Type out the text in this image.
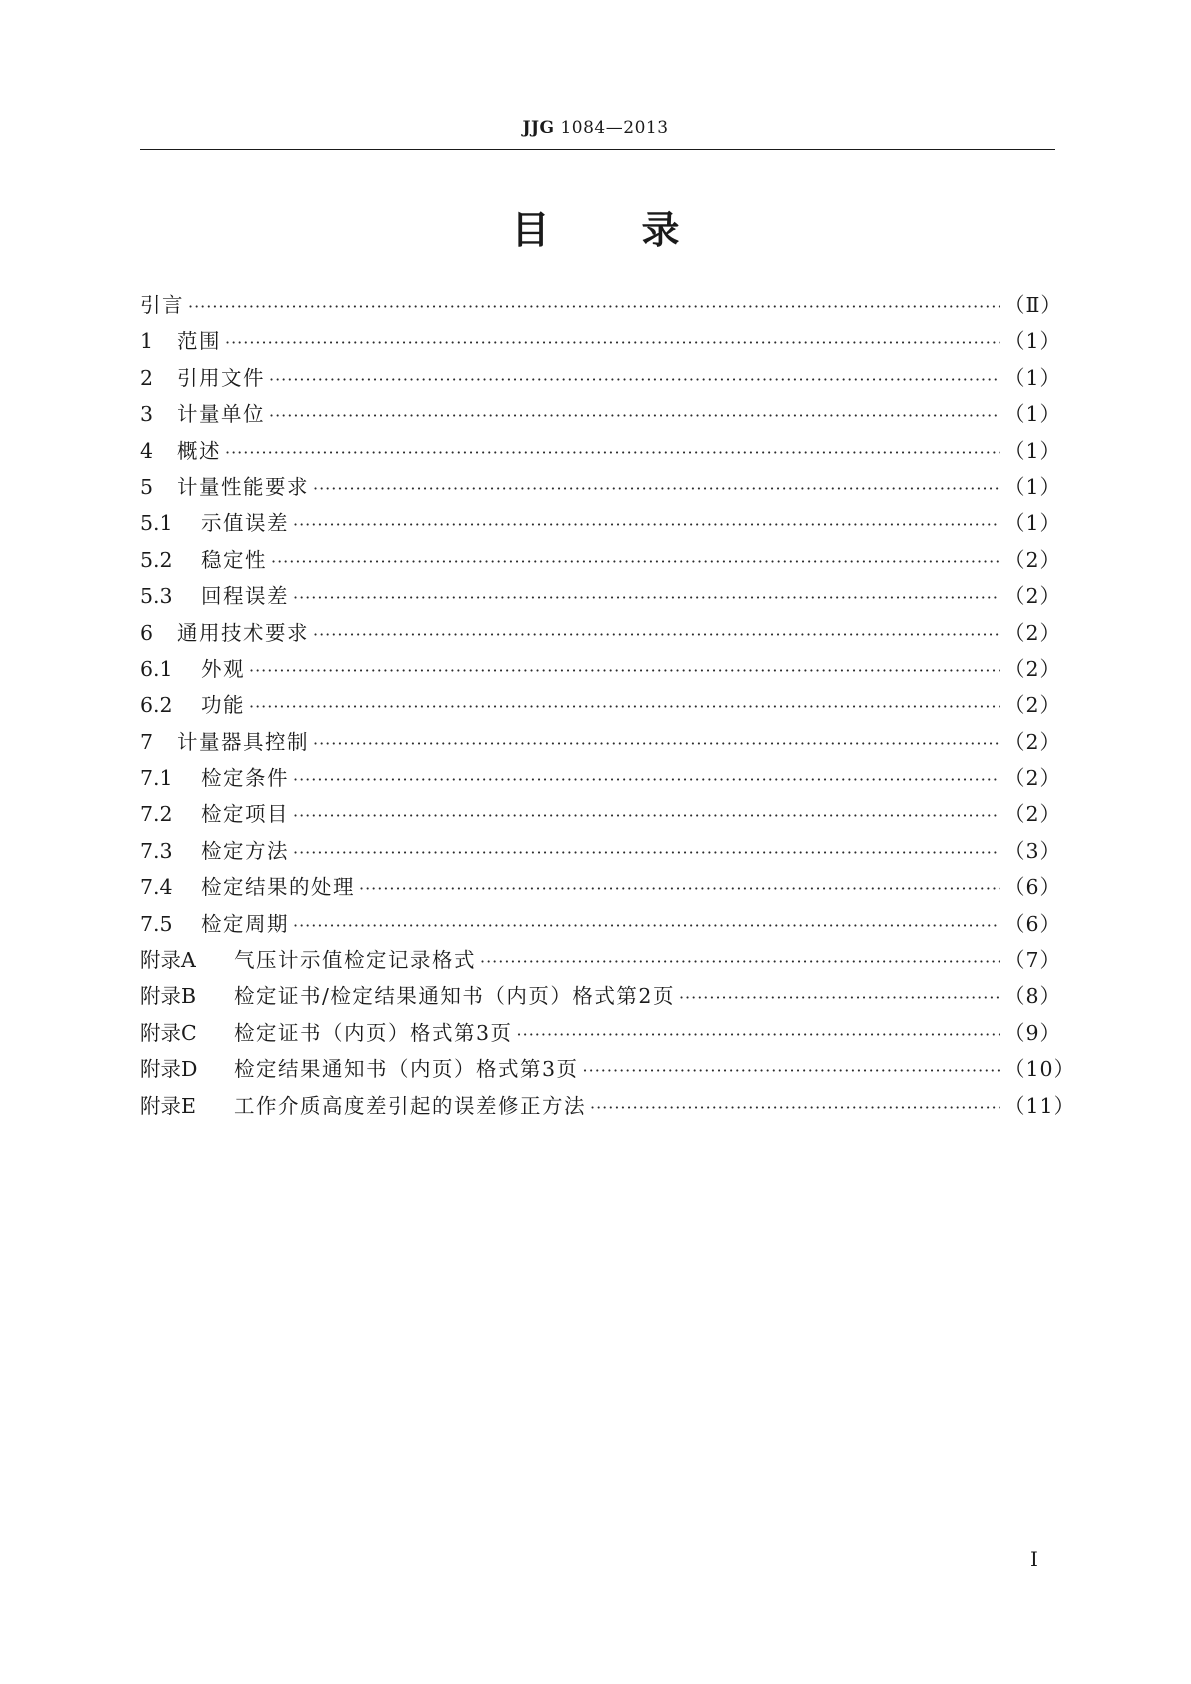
JJG 1084—2013
目 录
引言 ·····	（Ⅱ）
1	范围 ·····	（1）
2	引用文件 ·····	（1）
3	计量单位 ·····	（1）
4	概述 ·····	（1）
5	计量性能要求 ·····	（1）
5.1	示值误差 ·····	（1）
5.2	稳定性 ·····	（2）
5.3	回程误差 ·····	（2）
6	通用技术要求 ·····	（2）
6.1	外观 ·····	（2）
6.2	功能 ·····	（2）
7	计量器具控制 ·····	（2）
7.1	检定条件 ·····	（2）
7.2	检定项目 ·····	（2）
7.3	检定方法 ·····	（3）
7.4	检定结果的处理 ·····	（6）
7.5	检定周期 ·····	（6）
附录A	气压计示值检定记录格式 ·····	（7）
附录B	检定证书/检定结果通知书（内页）格式第2页 ·····	（8）
附录C	检定证书（内页）格式第3页 ·····	（9）
附录D	检定结果通知书（内页）格式第3页 ·····	（10）
附录E	工作介质高度差引起的误差修正方法 ·····	（11）
Ⅰ
